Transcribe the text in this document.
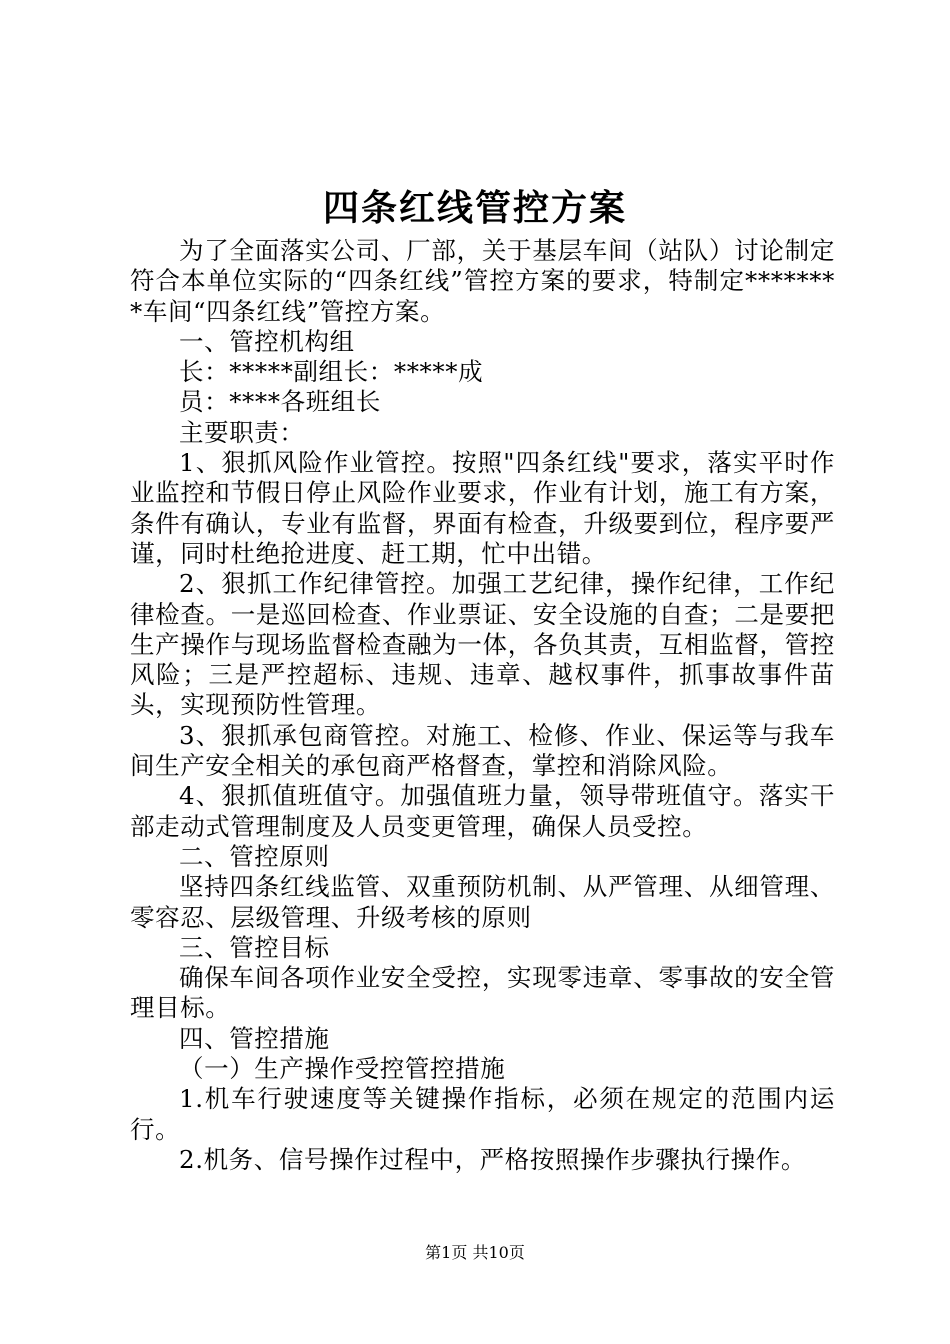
四条红线管控方案

为了全面落实公司、厂部，关于基层车间（站队）讨论制定符合本单位实际的“四条红线”管控方案的要求，特制定********车间“四条红线”管控方案。

一、管控机构组

长：*****副组长：*****成

员：****各班组长

主要职责：

1、狠抓风险作业管控。按照"四条红线"要求，落实平时作业监控和节假日停止风险作业要求，作业有计划，施工有方案，条件有确认，专业有监督，界面有检查，升级要到位，程序要严谨，同时杜绝抢进度、赶工期，忙中出错。

2、狠抓工作纪律管控。加强工艺纪律，操作纪律，工作纪律检查。一是巡回检查、作业票证、安全设施的自查；二是要把生产操作与现场监督检查融为一体，各负其责，互相监督，管控风险；三是严控超标、违规、违章、越权事件，抓事故事件苗头，实现预防性管理。

3、狠抓承包商管控。对施工、检修、作业、保运等与我车间生产安全相关的承包商严格督查，掌控和消除风险。

4、狠抓值班值守。加强值班力量，领导带班值守。落实干部走动式管理制度及人员变更管理，确保人员受控。

二、管控原则

坚持四条红线监管、双重预防机制、从严管理、从细管理、零容忍、层级管理、升级考核的原则

三、管控目标

确保车间各项作业安全受控，实现零违章、零事故的安全管理目标。

四、管控措施

（一）生产操作受控管控措施

1.机车行驶速度等关键操作指标，必须在规定的范围内运行。

2.机务、信号操作过程中，严格按照操作步骤执行操作。

第1页 共10页
